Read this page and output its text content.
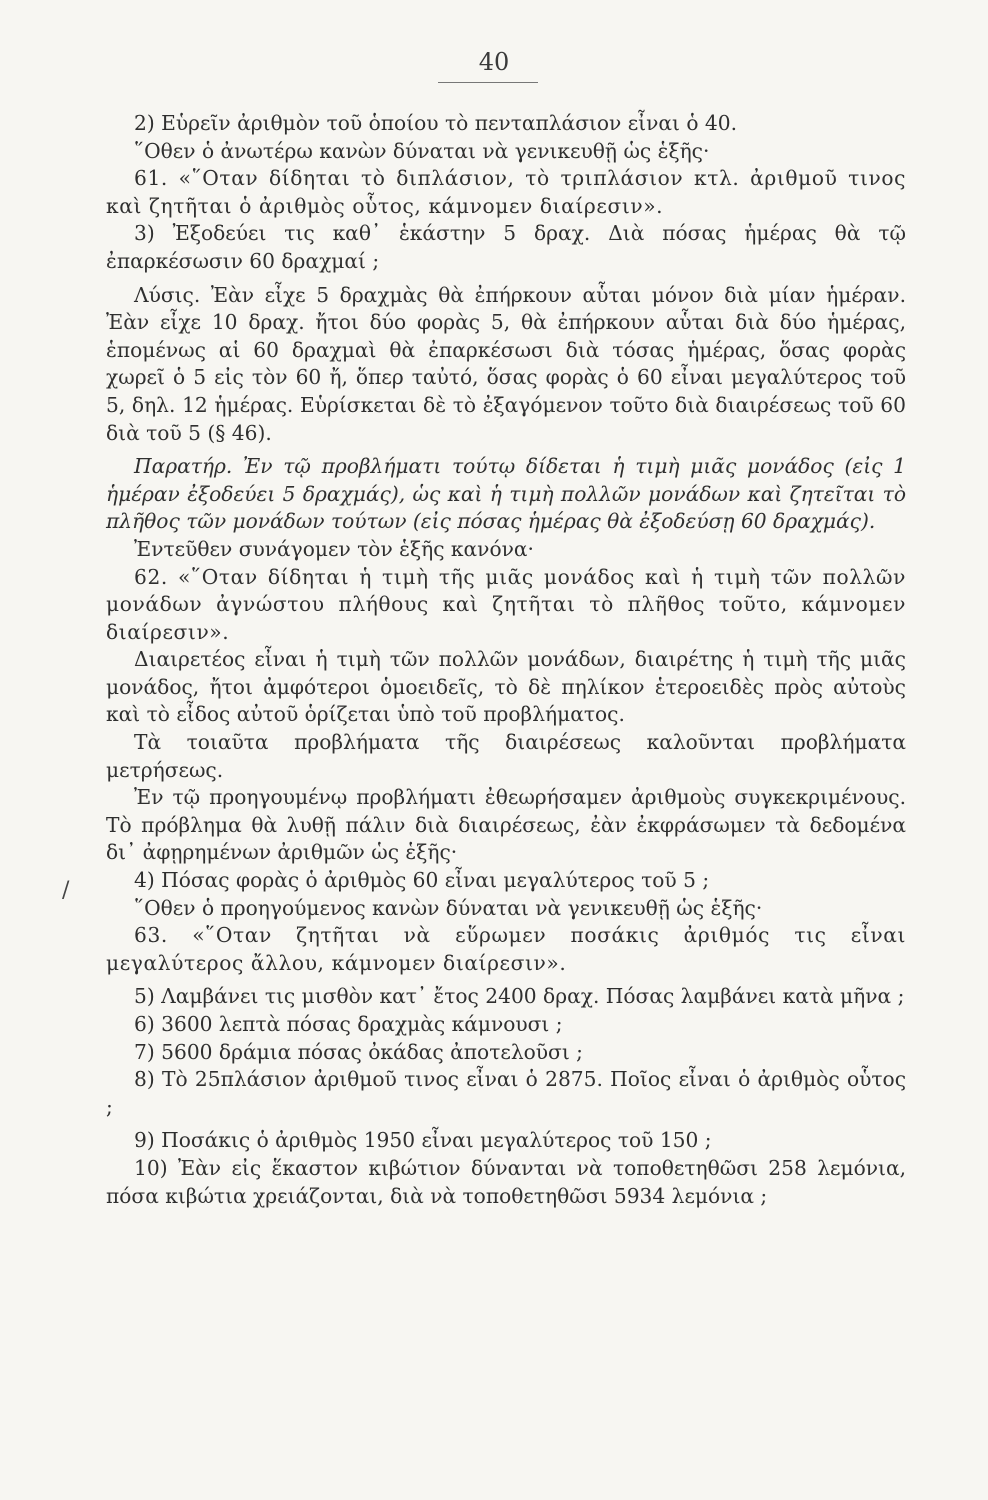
40
/

2) Εὑρεῖν ἀριθμὸν τοῦ ὁποίου τὸ πενταπλάσιον εἶναι ὁ 40.

῞Οθεν ὁ ἀνωτέρω κανὼν δύναται νὰ γενικευθῇ ὡς ἑξῆς·

61. «῞Οταν δίδηται τὸ διπλάσιον, τὸ τριπλάσιον κτλ. ἀριθμοῦ τινος καὶ ζητῆται ὁ ἀριθμὸς οὗτος, κάμνομεν διαίρεσιν».

3) Ἐξοδεύει τις καθ᾽ ἑκάστην 5 δραχ. Διὰ πόσας ἡμέρας θὰ τῷ ἐπαρκέσωσιν 60 δραχμαί ;

Λύσις. Ἐὰν εἶχε 5 δραχμὰς θὰ ἐπήρκουν αὗται μόνον διὰ μίαν ἡμέραν. Ἐὰν εἶχε 10 δραχ. ἤτοι δύο φορὰς 5, θὰ ἐπήρκουν αὗται διὰ δύο ἡμέρας, ἑπομένως αἱ 60 δραχμαὶ θὰ ἐπαρκέσωσι διὰ τόσας ἡμέρας, ὅσας φορὰς χωρεῖ ὁ 5 εἰς τὸν 60 ἤ, ὅπερ ταὐτό, ὅσας φορὰς ὁ 60 εἶναι μεγαλύτερος τοῦ 5, δηλ. 12 ἡμέρας. Εὑρίσκεται δὲ τὸ ἐξαγόμενον τοῦτο διὰ διαιρέσεως τοῦ 60 διὰ τοῦ 5 (§ 46).

Παρατήρ. Ἐν τῷ προβλήματι τούτῳ δίδεται ἡ τιμὴ μιᾶς μονάδος (εἰς 1 ἡμέραν ἐξοδεύει 5 δραχμάς), ὡς καὶ ἡ τιμὴ πολλῶν μονάδων καὶ ζητεῖται τὸ πλῆθος τῶν μονάδων τούτων (εἰς πόσας ἡμέρας θὰ ἐξοδεύσῃ 60 δραχμάς).

Ἐντεῦθεν συνάγομεν τὸν ἑξῆς κανόνα·

62. «῞Οταν δίδηται ἡ τιμὴ τῆς μιᾶς μονάδος καὶ ἡ τιμὴ τῶν πολλῶν μονάδων ἀγνώστου πλήθους καὶ ζητῆται τὸ πλῆθος τοῦτο, κάμνομεν διαίρεσιν».

Διαιρετέος εἶναι ἡ τιμὴ τῶν πολλῶν μονάδων, διαιρέτης ἡ τιμὴ τῆς μιᾶς μονάδος, ἤτοι ἀμφότεροι ὁμοειδεῖς, τὸ δὲ πηλίκον ἑτεροειδὲς πρὸς αὐτοὺς καὶ τὸ εἶδος αὐτοῦ ὁρίζεται ὑπὸ τοῦ προβλήματος.

Τὰ τοιαῦτα προβλήματα τῆς διαιρέσεως καλοῦνται προβλήματα μετρήσεως.

Ἐν τῷ προηγουμένῳ προβλήματι ἐθεωρήσαμεν ἀριθμοὺς συγκεκριμένους. Τὸ πρόβλημα θὰ λυθῇ πάλιν διὰ διαιρέσεως, ἐὰν ἐκφράσωμεν τὰ δεδομένα δι᾽ ἀφῃρημένων ἀριθμῶν ὡς ἑξῆς·

4) Πόσας φορὰς ὁ ἀριθμὸς 60 εἶναι μεγαλύτερος τοῦ 5 ;

῞Οθεν ὁ προηγούμενος κανὼν δύναται νὰ γενικευθῇ ὡς ἑξῆς·

63. «῞Οταν ζητῆται νὰ εὕρωμεν ποσάκις ἀριθμός τις εἶναι μεγαλύτερος ἄλλου, κάμνομεν διαίρεσιν».

5) Λαμβάνει τις μισθὸν κατ᾽ ἔτος 2400 δραχ. Πόσας λαμβάνει κατὰ μῆνα ;

6) 3600 λεπτὰ πόσας δραχμὰς κάμνουσι ;

7) 5600 δράμια πόσας ὀκάδας ἀποτελοῦσι ;

8) Τὸ 25πλάσιον ἀριθμοῦ τινος εἶναι ὁ 2875. Ποῖος εἶναι ὁ ἀριθμὸς οὗτος ;

9) Ποσάκις ὁ ἀριθμὸς 1950 εἶναι μεγαλύτερος τοῦ 150 ;

10) Ἐὰν εἰς ἕκαστον κιβώτιον δύνανται νὰ τοποθετηθῶσι 258 λεμόνια, πόσα κιβώτια χρειάζονται, διὰ νὰ τοποθετηθῶσι 5934 λεμόνια ;
